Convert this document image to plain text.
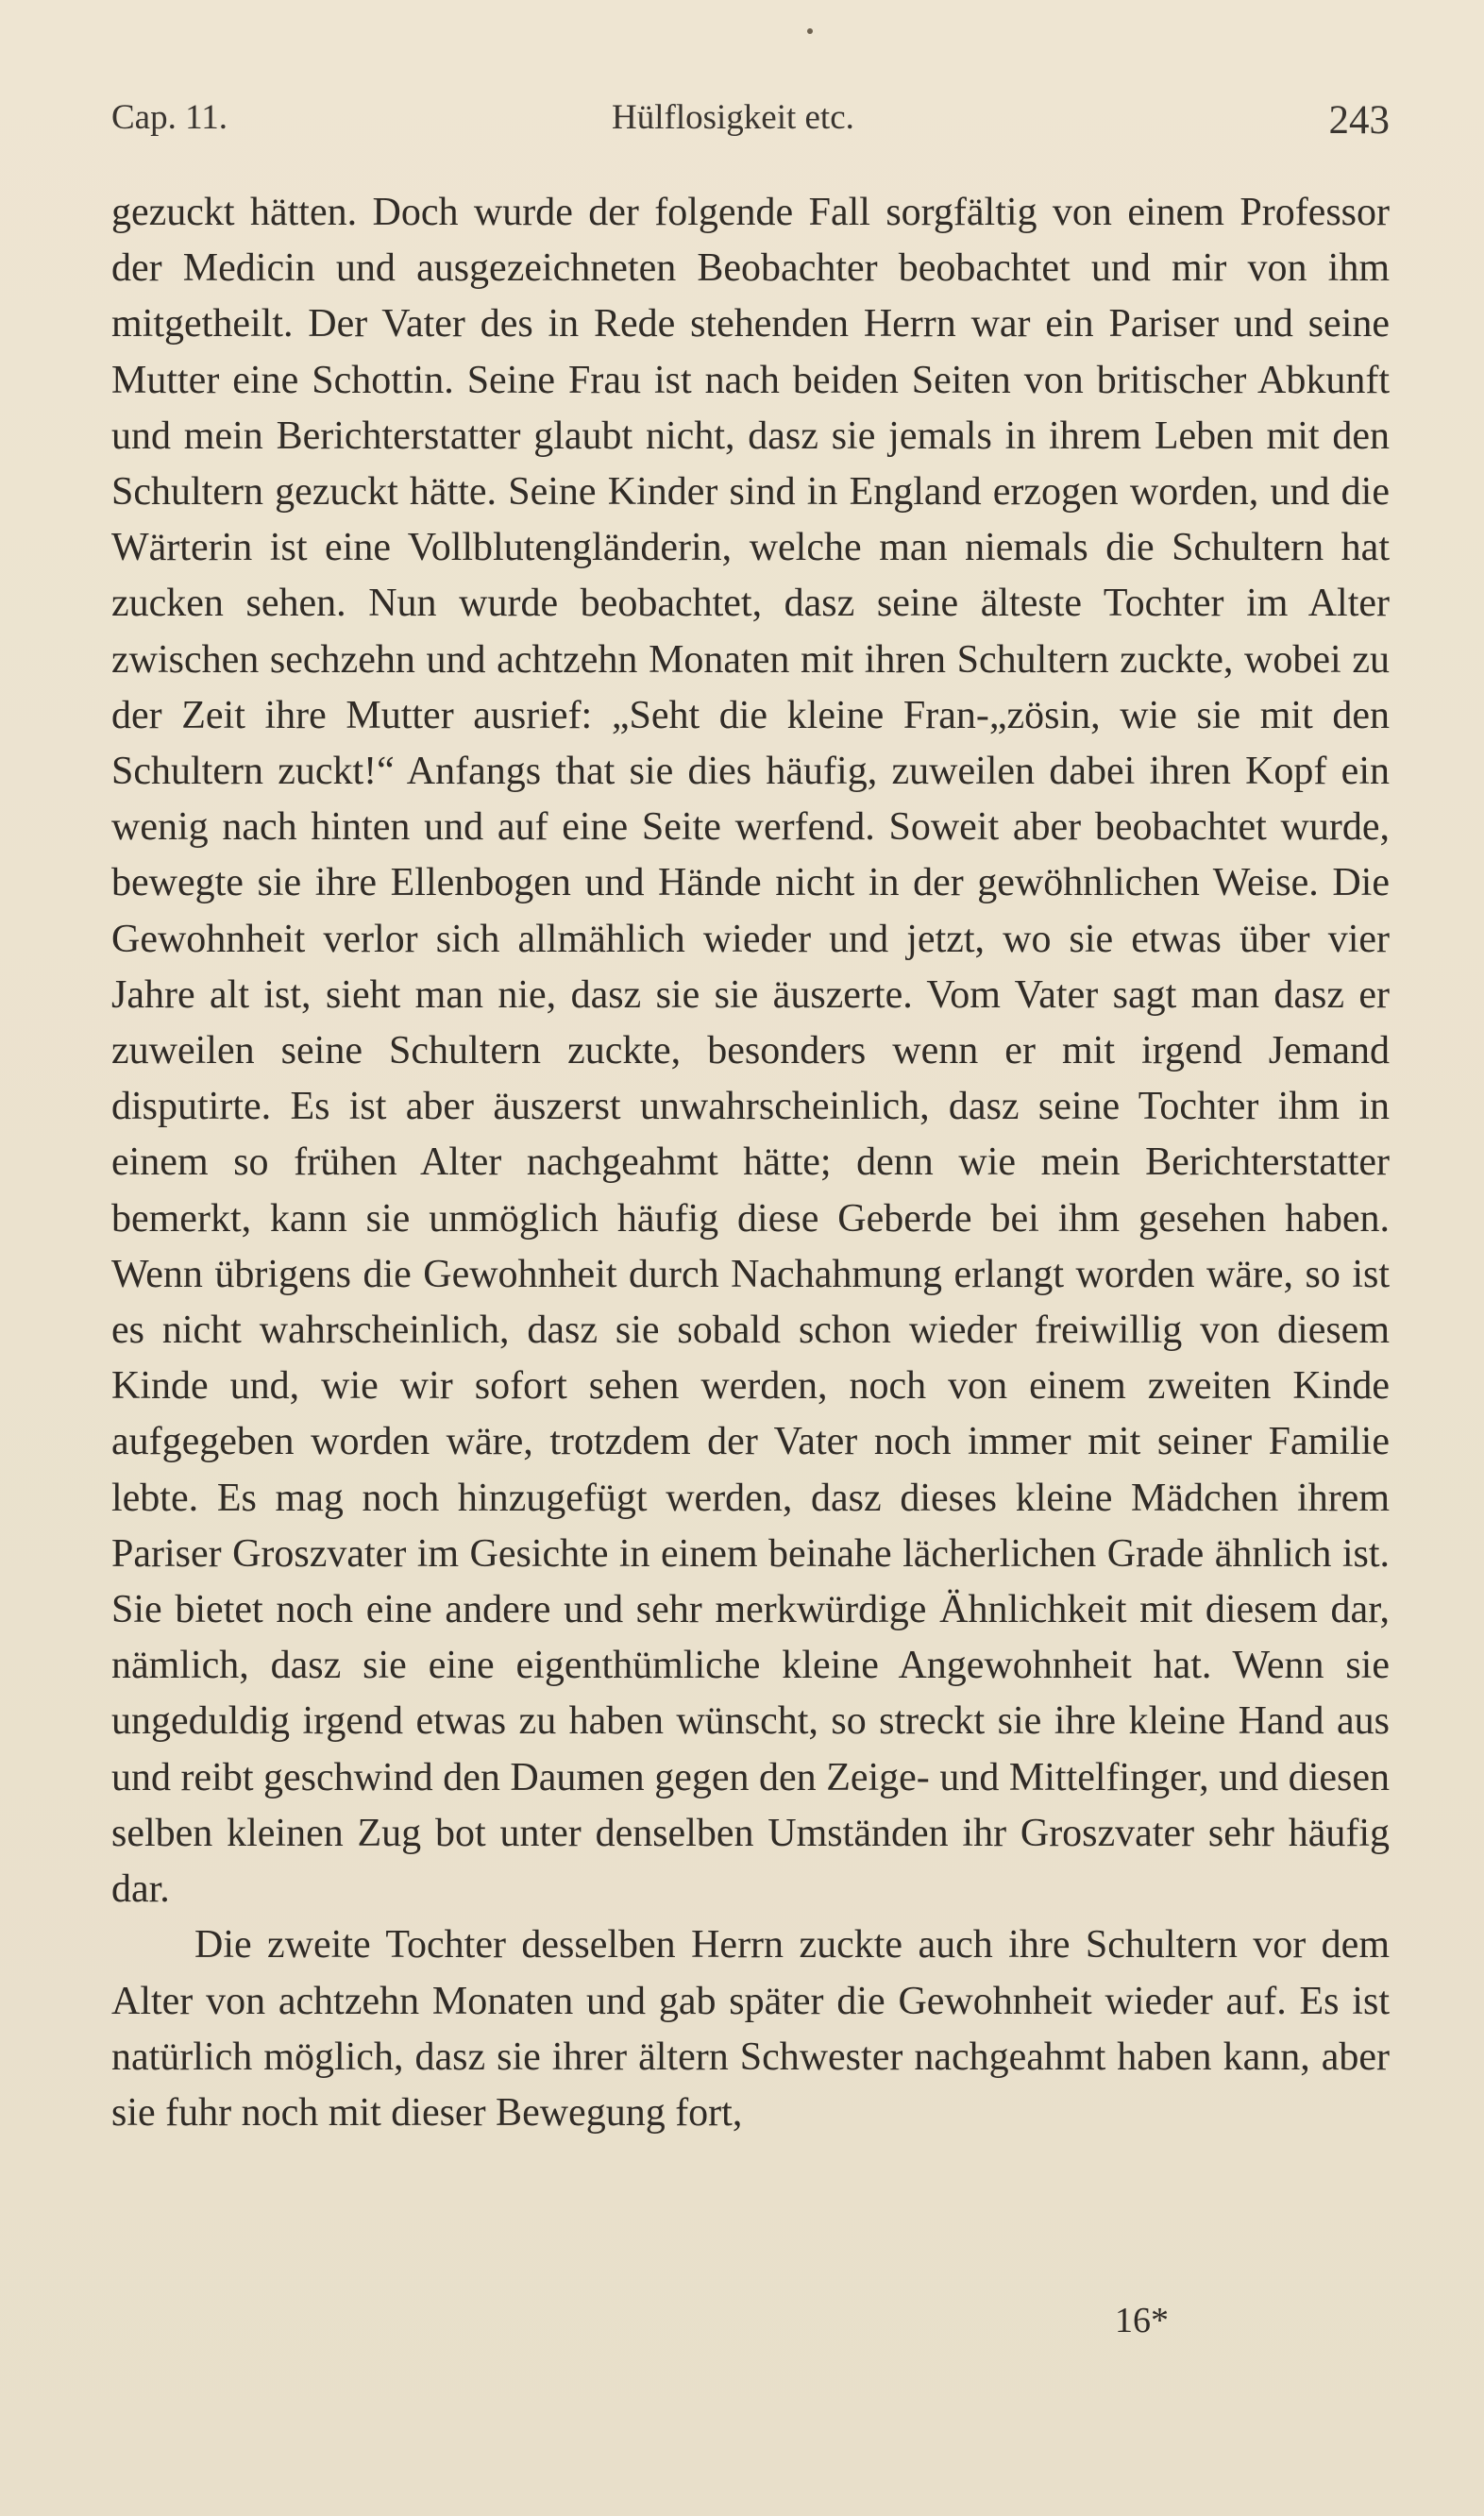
Cap. 11.	Hülflosigkeit etc.	243

gezuckt hätten. Doch wurde der folgende Fall sorgfältig von einem Professor der Medicin und ausgezeichneten Beobachter beobachtet und mir von ihm mitgetheilt. Der Vater des in Rede stehenden Herrn war ein Pariser und seine Mutter eine Schottin. Seine Frau ist nach beiden Seiten von britischer Abkunft und mein Berichterstatter glaubt nicht, dasz sie jemals in ihrem Leben mit den Schultern gezuckt hätte. Seine Kinder sind in England erzogen worden, und die Wärterin ist eine Vollblutengländerin, welche man niemals die Schultern hat zucken sehen. Nun wurde beobachtet, dasz seine älteste Tochter im Alter zwischen sechzehn und achtzehn Monaten mit ihren Schultern zuckte, wobei zu der Zeit ihre Mutter ausrief: „Seht die kleine Fran-„zösin, wie sie mit den Schultern zuckt!“ Anfangs that sie dies häufig, zuweilen dabei ihren Kopf ein wenig nach hinten und auf eine Seite werfend. Soweit aber beobachtet wurde, bewegte sie ihre Ellenbogen und Hände nicht in der gewöhnlichen Weise. Die Gewohnheit verlor sich allmählich wieder und jetzt, wo sie etwas über vier Jahre alt ist, sieht man nie, dasz sie sie äuszerte. Vom Vater sagt man dasz er zuweilen seine Schultern zuckte, besonders wenn er mit irgend Jemand disputirte. Es ist aber äuszerst unwahrscheinlich, dasz seine Tochter ihm in einem so frühen Alter nachgeahmt hätte; denn wie mein Berichterstatter bemerkt, kann sie unmöglich häufig diese Geberde bei ihm gesehen haben. Wenn übrigens die Gewohnheit durch Nachahmung erlangt worden wäre, so ist es nicht wahrscheinlich, dasz sie sobald schon wieder freiwillig von diesem Kinde und, wie wir sofort sehen werden, noch von einem zweiten Kinde aufgegeben worden wäre, trotzdem der Vater noch immer mit seiner Familie lebte. Es mag noch hinzugefügt werden, dasz dieses kleine Mädchen ihrem Pariser Groszvater im Gesichte in einem beinahe lächerlichen Grade ähnlich ist. Sie bietet noch eine andere und sehr merkwürdige Ähnlichkeit mit diesem dar, nämlich, dasz sie eine eigenthümliche kleine Angewohnheit hat. Wenn sie ungeduldig irgend etwas zu haben wünscht, so streckt sie ihre kleine Hand aus und reibt geschwind den Daumen gegen den Zeige- und Mittelfinger, und diesen selben kleinen Zug bot unter denselben Umständen ihr Groszvater sehr häufig dar.

Die zweite Tochter desselben Herrn zuckte auch ihre Schultern vor dem Alter von achtzehn Monaten und gab später die Gewohnheit wieder auf. Es ist natürlich möglich, dasz sie ihrer ältern Schwester nachgeahmt haben kann, aber sie fuhr noch mit dieser Bewegung fort,

16*
